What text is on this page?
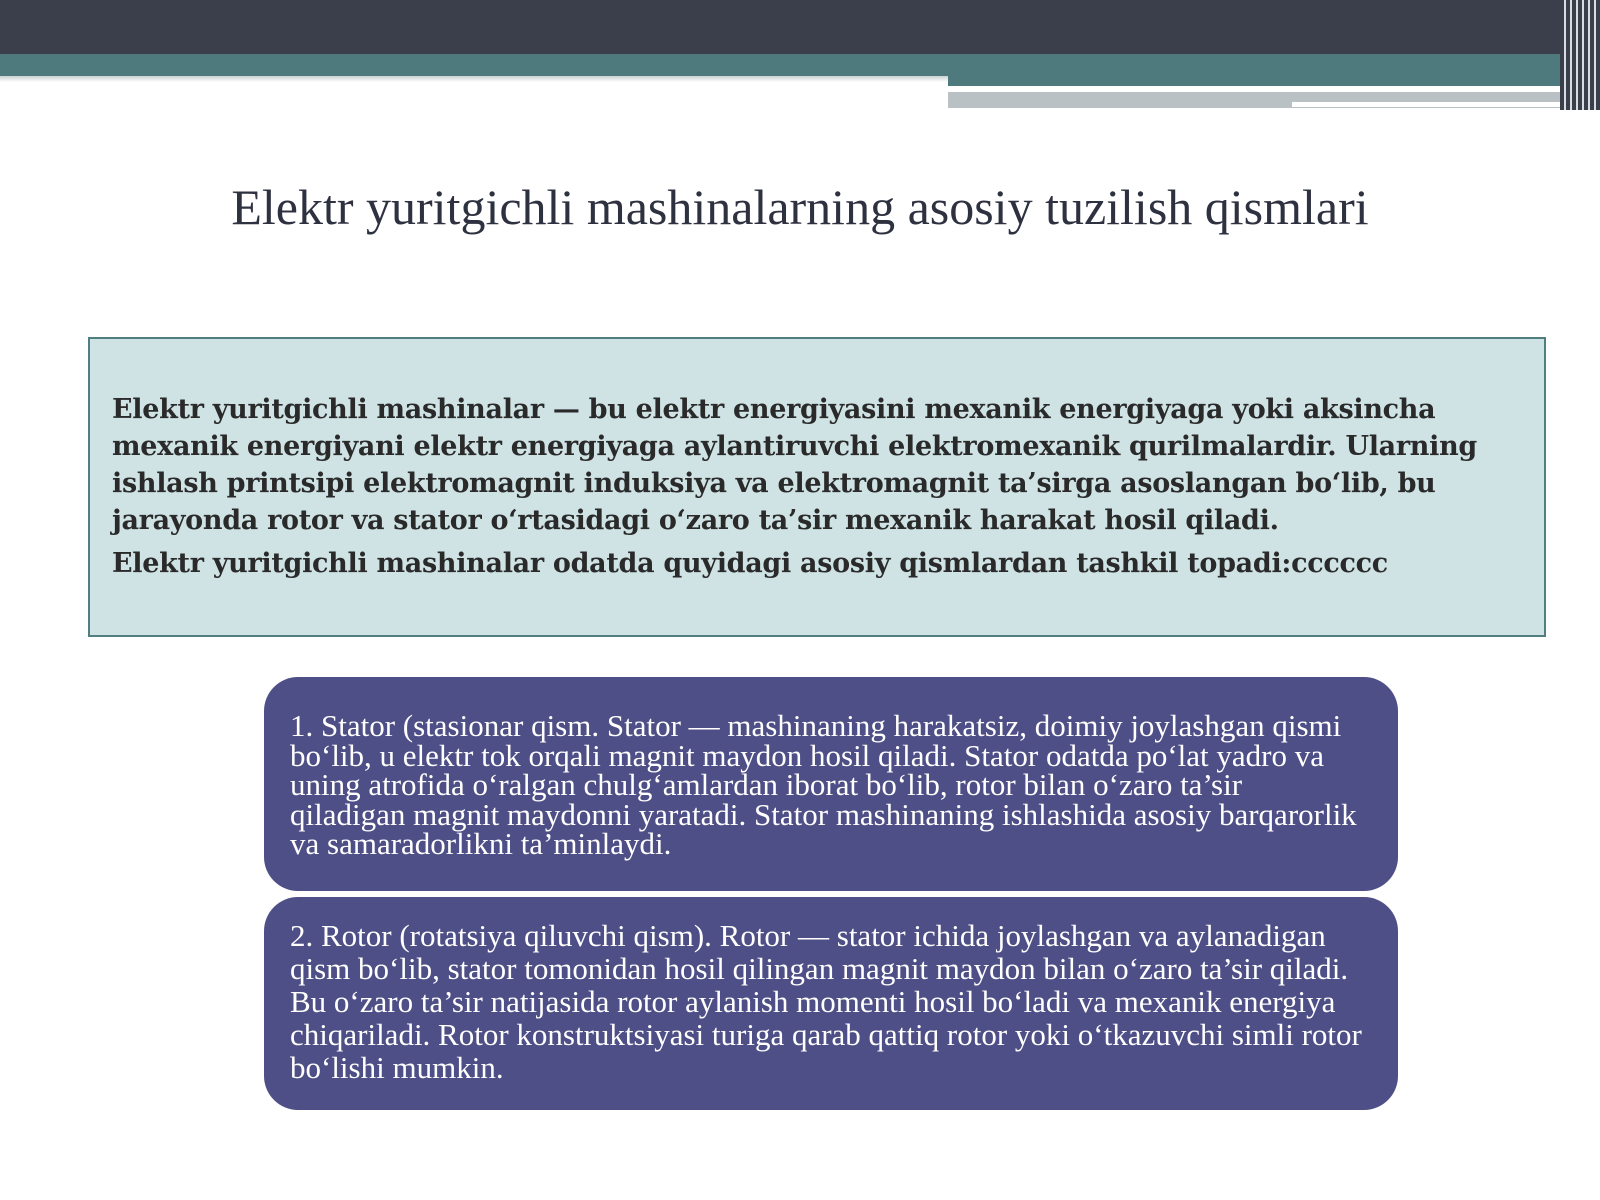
Elektr yuritgichli mashinalarning asosiy tuzilish qismlari

Elektr yuritgichli mashinalar — bu elektr energiyasini mexanik energiyaga yoki aksincha mexanik energiyani elektr energiyaga aylantiruvchi elektromexanik qurilmalardir. Ularning ishlash printsipi elektromagnit induksiya va elektromagnit ta’sirga asoslangan bo‘lib, bu jarayonda rotor va stator o‘rtasidagi o‘zaro ta’sir mexanik harakat hosil qiladi.

Elektr yuritgichli mashinalar odatda quyidagi asosiy qismlardan tashkil topadi:cccccc

1. Stator (stasionar qism. Stator — mashinaning harakatsiz, doimiy joylashgan qismi bo‘lib, u elektr tok orqali magnit maydon hosil qiladi. Stator odatda po‘lat yadro va uning atrofida o‘ralgan chulg‘amlardan iborat bo‘lib, rotor bilan o‘zaro ta’sir qiladigan magnit maydonni yaratadi. Stator mashinaning ishlashida asosiy barqarorlik va samaradorlikni ta’minlaydi.

2. Rotor (rotatsiya qiluvchi qism). Rotor — stator ichida joylashgan va aylanadigan qism bo‘lib, stator tomonidan hosil qilingan magnit maydon bilan o‘zaro ta’sir qiladi. Bu o‘zaro ta’sir natijasida rotor aylanish momenti hosil bo‘ladi va mexanik energiya chiqariladi. Rotor konstruktsiyasi turiga qarab qattiq rotor yoki o‘tkazuvchi simli rotor bo‘lishi mumkin.
